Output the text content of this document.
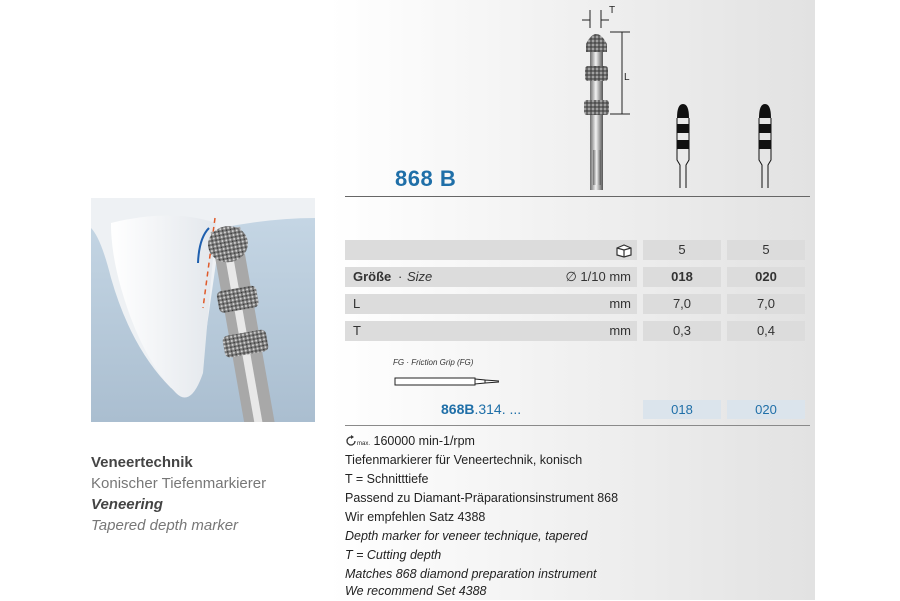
T
L
868 B
5	5
Größe · Size	∅ 1/10 mm	018	020
L	mm	7,0	7,0
T	mm	0,3	0,4
FG · Friction Grip (FG)
868B.314. ...	018	020
Veneertechnik
Konischer Tiefenmarkierer
Veneering
Tapered depth marker
max. 160000 min-1/rpm
Tiefenmarkierer für Veneertechnik, konisch
T = Schnitttiefe
Passend zu Diamant-Präparationsinstrument 868
Wir empfehlen Satz 4388
Depth marker for veneer technique, tapered
T = Cutting depth
Matches 868 diamond preparation instrument
We recommend Set 4388
